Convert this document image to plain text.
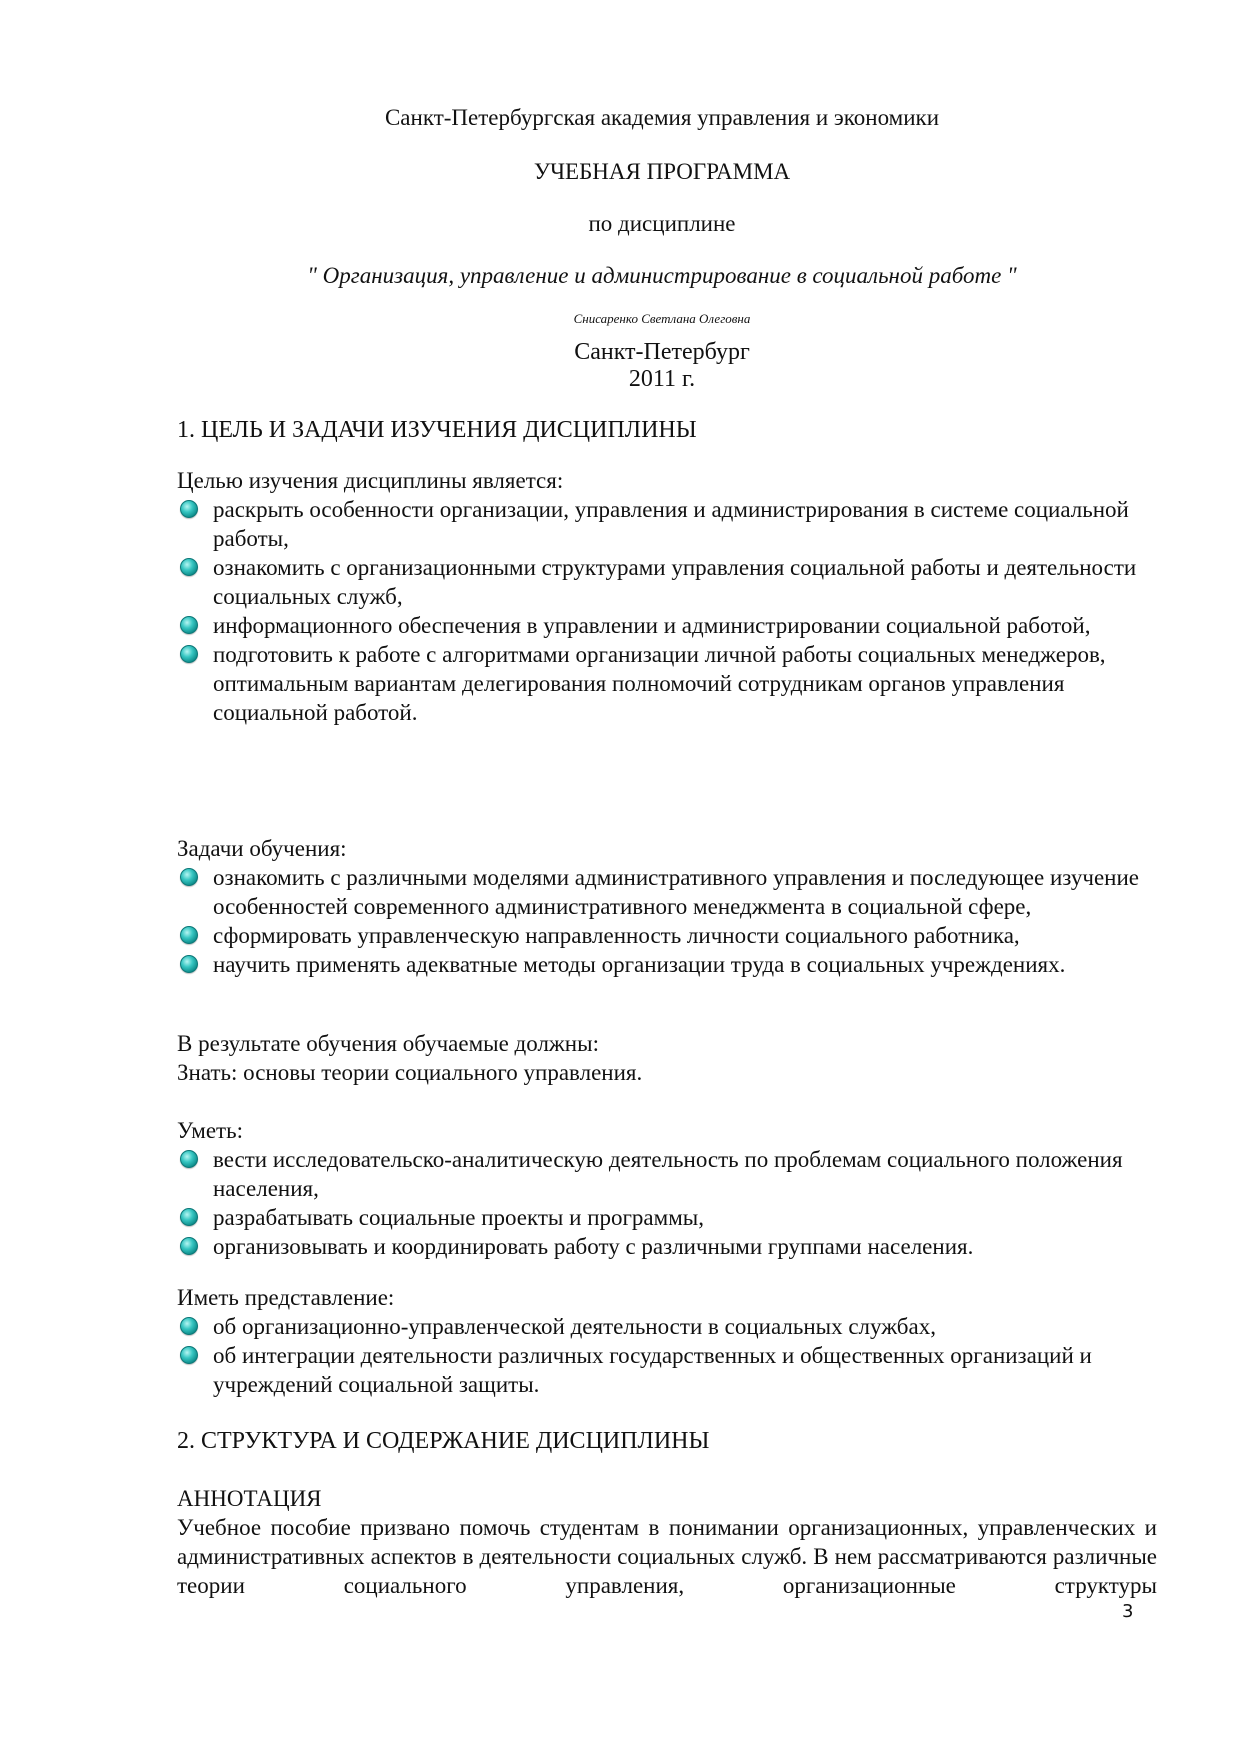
Санкт-Петербургская академия управления и экономики
УЧЕБНАЯ ПРОГРАММА
по дисциплине
" Организация, управление и администрирование в социальной работе "
Снисаренко Светлана Олеговна
Санкт-Петербург
2011 г.
1. ЦЕЛЬ И ЗАДАЧИ ИЗУЧЕНИЯ ДИСЦИПЛИНЫ

Целью изучения дисциплины является:

раскрыть особенности организации, управления и администрирования в системе социальной работы,
ознакомить с организационными структурами управления социальной работы и деятельности социальных служб,
информационного обеспечения в управлении и администрировании социальной работой,
подготовить к работе с алгоритмами организации личной работы социальных менеджеров, оптимальным вариантам делегирования полномочий сотрудникам органов управления социальной работой.

Задачи обучения:

ознакомить с различными моделями административного управления и последующее изучение особенностей современного административного менеджмента в социальной сфере,
сформировать управленческую направленность личности социального работника,
научить применять адекватные методы организации труда в социальных учреждениях.

В результате обучения обучаемые должны:

Знать: основы теории социального управления.

Уметь:

вести исследовательско-аналитическую деятельность по проблемам социального положения населения,
разрабатывать социальные проекты и программы,
организовывать и координировать работу с различными группами населения.

Иметь представление:

об организационно-управленческой деятельности в социальных службах,
об интеграции деятельности различных государственных и общественных организаций и учреждений социальной защиты.
2. СТРУКТУРА И СОДЕРЖАНИЕ ДИСЦИПЛИНЫ

АННОТАЦИЯ

Учебное пособие призвано помочь студентам в понимании организационных, управленческих и административных аспектов в деятельности социальных служб. В нем рассматриваются различные теории социального управления, организационные структуры

3
